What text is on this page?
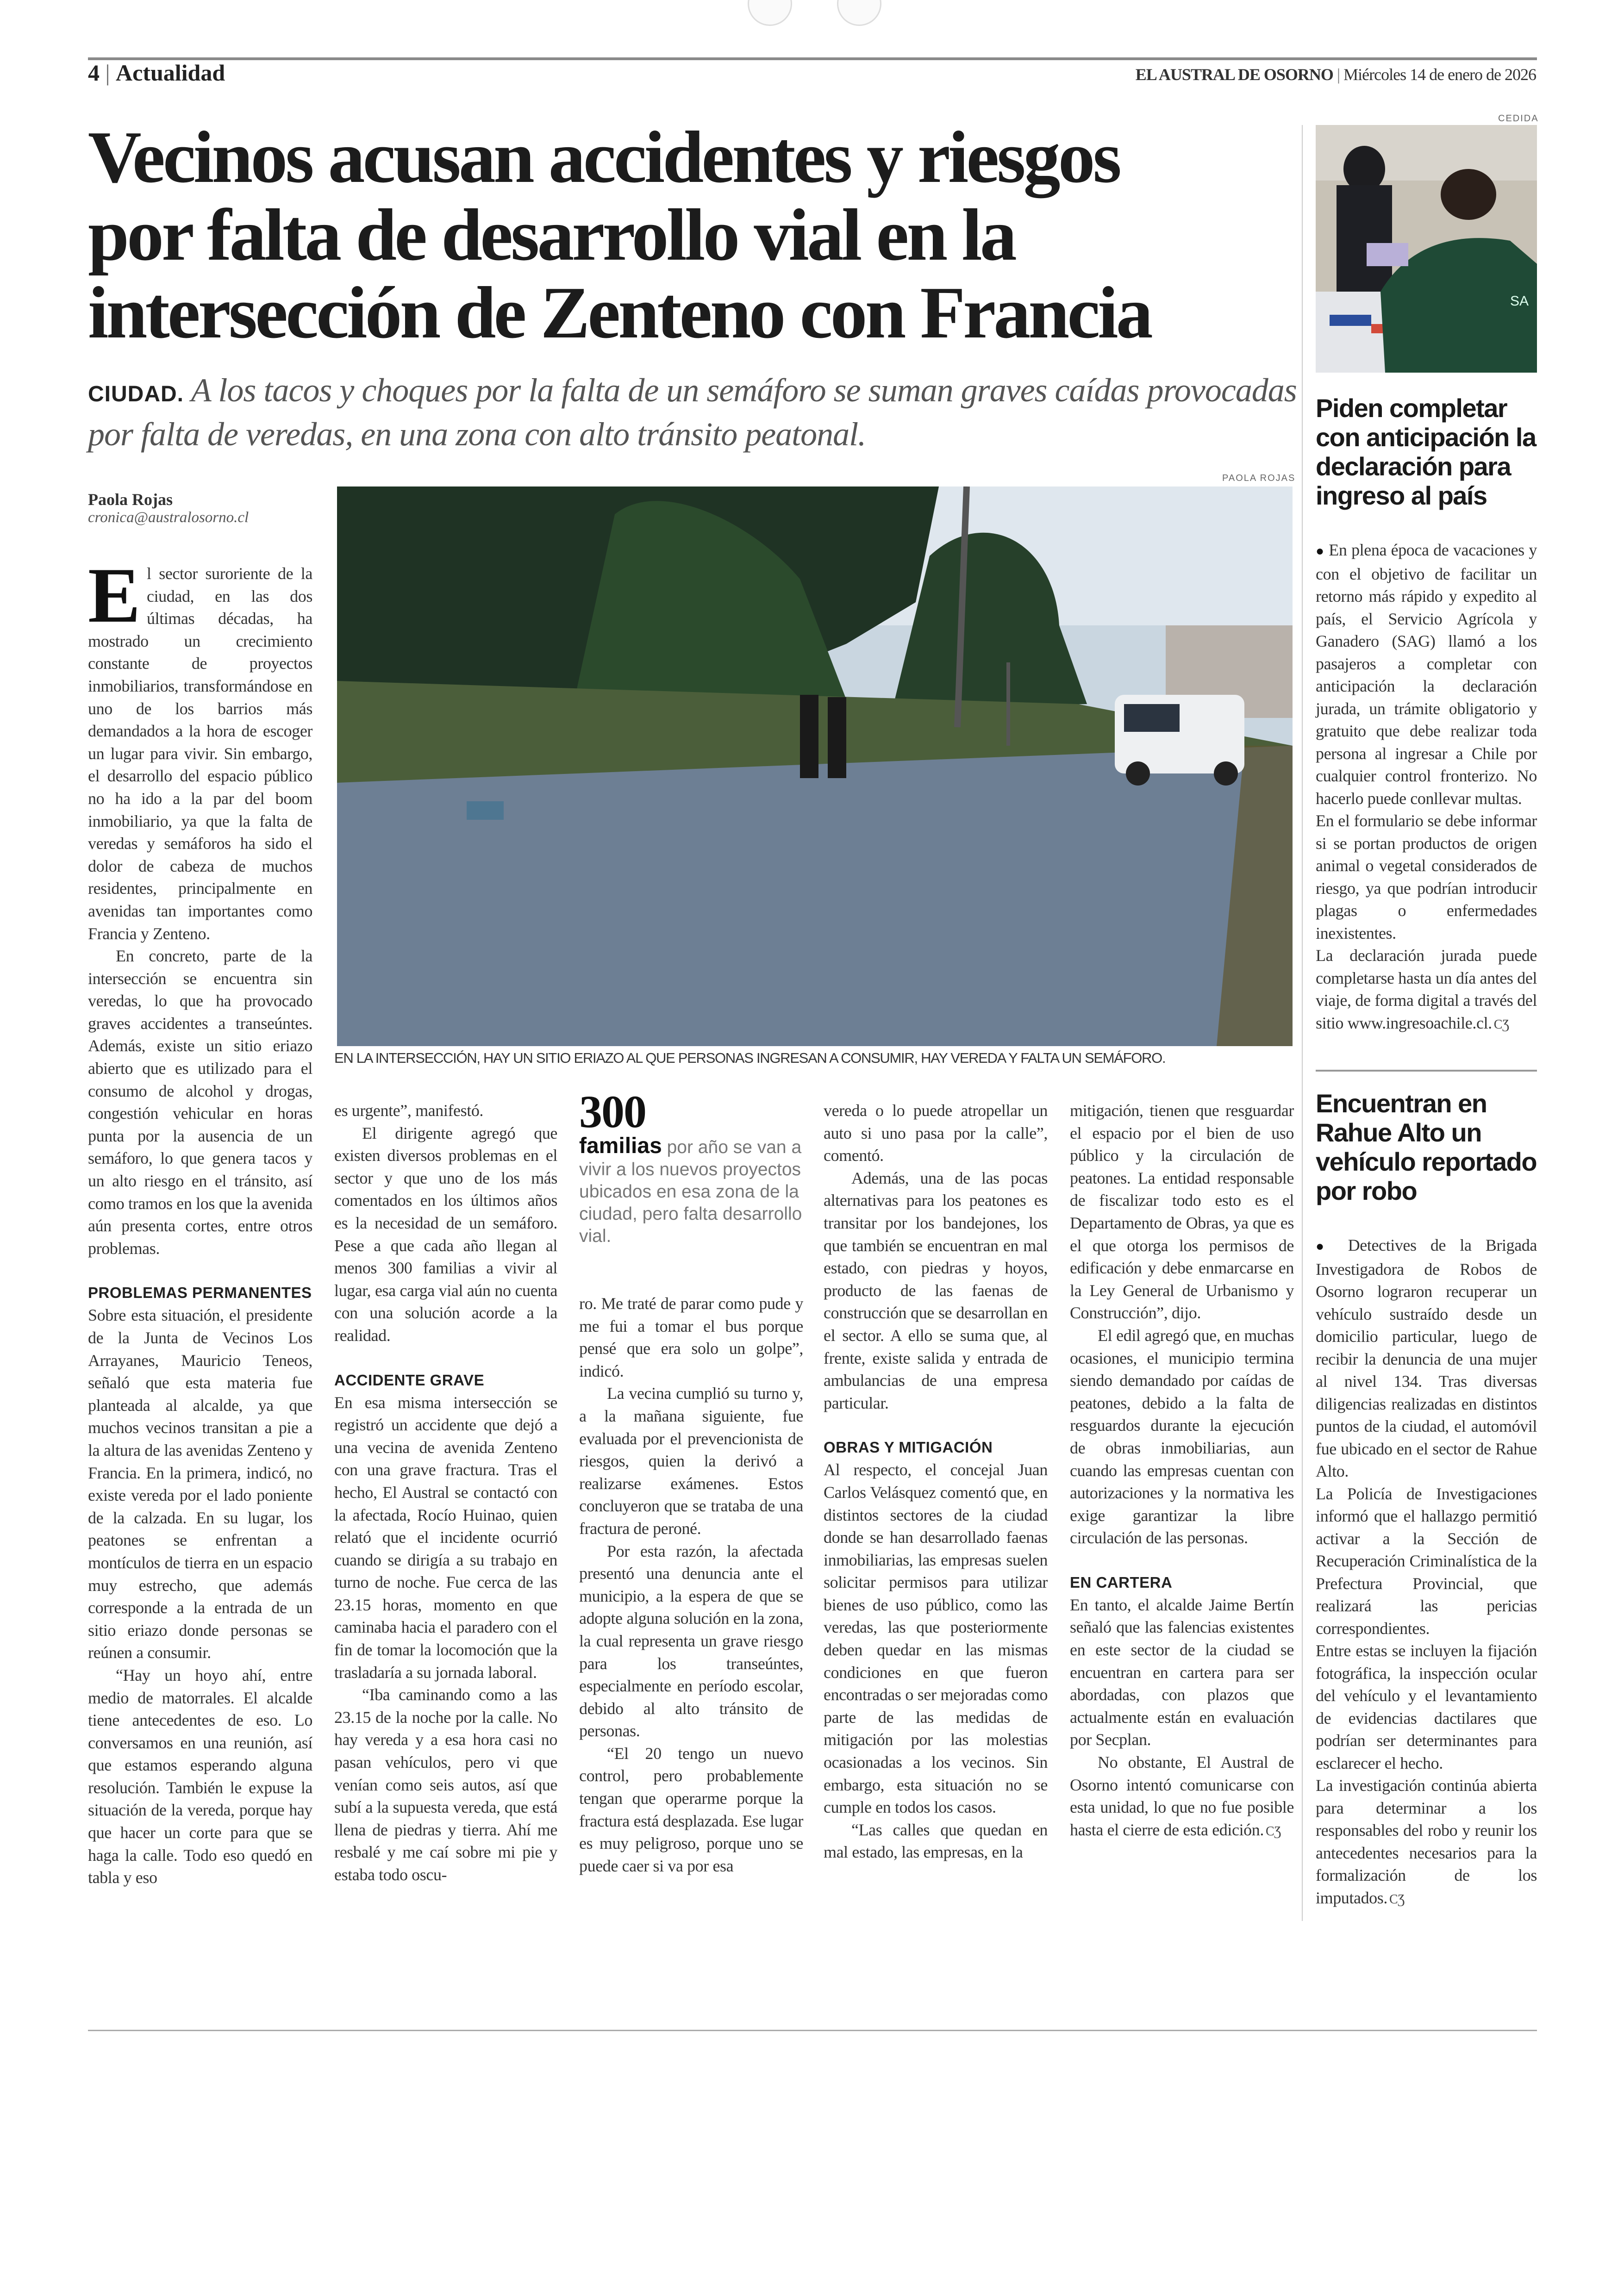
4 | Actualidad	EL AUSTRAL DE OSORNO | Miércoles 14 de enero de 2026
Vecinos acusan accidentes y riesgos
por falta de desarrollo vial en la
intersección de Zenteno con Francia
CIUDAD. A los tacos y choques por la falta de un semáforo se suman graves caídas provocadas por falta de veredas, en una zona con alto tránsito peatonal.
Paola Rojas
cronica@australosorno.cl
PAOLA ROJAS
EN LA INTERSECCIÓN, HAY UN SITIO ERIAZO AL QUE PERSONAS INGRESAN A CONSUMIR, HAY VEREDA Y FALTA UN SEMÁFORO.

El sector suroriente de la ciudad, en las dos últimas décadas, ha mostrado un crecimiento constante de proyectos inmobiliarios, transformándose en uno de los barrios más demandados a la hora de escoger un lugar para vivir. Sin embargo, el desarrollo del espacio público no ha ido a la par del boom inmobiliario, ya que la falta de veredas y semáforos ha sido el dolor de cabeza de muchos residentes, principalmente en avenidas tan importantes como Francia y Zenteno.

En concreto, parte de la intersección se encuentra sin veredas, lo que ha provocado graves accidentes a transeúntes. Además, existe un sitio eriazo abierto que es utilizado para el consumo de alcohol y drogas, congestión vehicular en horas punta por la ausencia de un semáforo, lo que genera tacos y un alto riesgo en el tránsito, así como tramos en los que la avenida aún presenta cortes, entre otros problemas.

PROBLEMAS PERMANENTES

Sobre esta situación, el presidente de la Junta de Vecinos Los Arrayanes, Mauricio Teneos, señaló que esta materia fue planteada al alcalde, ya que muchos vecinos transitan a pie a la altura de las avenidas Zenteno y Francia. En la primera, indicó, no existe vereda por el lado poniente de la calzada. En su lugar, los peatones se enfrentan a montículos de tierra en un espacio muy estrecho, que además corresponde a la entrada de un sitio eriazo donde personas se reúnen a consumir.

“Hay un hoyo ahí, entre medio de matorrales. El alcalde tiene antecedentes de eso. Lo conversamos en una reunión, así que estamos esperando alguna resolución. También le expuse la situación de la vereda, porque hay que hacer un corte para que se haga la calle. Todo eso quedó en tabla y eso

es urgente”, manifestó.

El dirigente agregó que existen diversos problemas en el sector y que uno de los más comentados en los últimos años es la necesidad de un semáforo. Pese a que cada año llegan al menos 300 familias a vivir al lugar, esa carga vial aún no cuenta con una solución acorde a la realidad.

ACCIDENTE GRAVE

En esa misma intersección se registró un accidente que dejó a una vecina de avenida Zenteno con una grave fractura. Tras el hecho, El Austral se contactó con la afectada, Rocío Huinao, quien relató que el incidente ocurrió cuando se dirigía a su trabajo en turno de noche. Fue cerca de las 23.15 horas, momento en que caminaba hacia el paradero con el fin de tomar la locomoción que la trasladaría a su jornada laboral.

“Iba caminando como a las 23.15 de la noche por la calle. No hay vereda y a esa hora casi no pasan vehículos, pero vi que venían como seis autos, así que subí a la supuesta vereda, que está llena de piedras y tierra. Ahí me resbalé y me caí sobre mi pie y estaba todo oscu-

300
familias por año se van a vivir a los nuevos proyectos ubicados en esa zona de la ciudad, pero falta desarrollo vial.

ro. Me traté de parar como pude y me fui a tomar el bus porque pensé que era solo un golpe”, indicó.

La vecina cumplió su turno y, a la mañana siguiente, fue evaluada por el prevencionista de riesgos, quien la derivó a realizarse exámenes. Estos concluyeron que se trataba de una fractura de peroné.

Por esta razón, la afectada presentó una denuncia ante el municipio, a la espera de que se adopte alguna solución en la zona, la cual representa un grave riesgo para los transeúntes, especialmente en período escolar, debido al alto tránsito de personas.

“El 20 tengo un nuevo control, pero probablemente tengan que operarme porque la fractura está desplazada. Ese lugar es muy peligroso, porque uno se puede caer si va por esa

vereda o lo puede atropellar un auto si uno pasa por la calle”, comentó.

Además, una de las pocas alternativas para los peatones es transitar por los bandejones, los que también se encuentran en mal estado, con piedras y hoyos, producto de las faenas de construcción que se desarrollan en el sector. A ello se suma que, al frente, existe salida y entrada de ambulancias de una empresa particular.

OBRAS Y MITIGACIÓN

Al respecto, el concejal Juan Carlos Velásquez comentó que, en distintos sectores de la ciudad donde se han desarrollado faenas inmobiliarias, las empresas suelen solicitar permisos para utilizar bienes de uso público, como las veredas, las que posteriormente deben quedar en las mismas condiciones en que fueron encontradas o ser mejoradas como parte de las medidas de mitigación por las molestias ocasionadas a los vecinos. Sin embargo, esta situación no se cumple en todos los casos.

“Las calles que quedan en mal estado, las empresas, en la

mitigación, tienen que resguardar el espacio por el bien de uso público y la circulación de peatones. La entidad responsable de fiscalizar todo esto es el Departamento de Obras, ya que es el que otorga los permisos de edificación y debe enmarcarse en la Ley General de Urbanismo y Construcción”, dijo.

El edil agregó que, en muchas ocasiones, el municipio termina siendo demandado por caídas de peatones, debido a la falta de resguardos durante la ejecución de obras inmobiliarias, aun cuando las empresas cuentan con autorizaciones y la normativa les exige garantizar la libre circulación de las personas.

EN CARTERA

En tanto, el alcalde Jaime Bertín señaló que las falencias existentes en este sector de la ciudad se encuentran en cartera para ser abordadas, con plazos que actualmente están en evaluación por Secplan.

No obstante, El Austral de Osorno intentó comunicarse con esta unidad, lo que no fue posible hasta el cierre de esta edición. CƷ

CEDIDA
SA
Piden completar con anticipación la declaración para ingreso al país

● En plena época de vacaciones y con el objetivo de facilitar un retorno más rápido y expedito al país, el Servicio Agrícola y Ganadero (SAG) llamó a los pasajeros a completar con anticipación la declaración jurada, un trámite obligatorio y gratuito que debe realizar toda persona al ingresar a Chile por cualquier control fronterizo. No hacerlo puede conllevar multas.

En el formulario se debe informar si se portan productos de origen animal o vegetal considerados de riesgo, ya que podrían introducir plagas o enfermedades inexistentes.

La declaración jurada puede completarse hasta un día antes del viaje, de forma digital a través del sitio www.ingresoachile.cl. CƷ

Encuentran en Rahue Alto un vehículo reportado por robo

● Detectives de la Brigada Investigadora de Robos de Osorno lograron recuperar un vehículo sustraído desde un domicilio particular, luego de recibir la denuncia de una mujer al nivel 134. Tras diversas diligencias realizadas en distintos puntos de la ciudad, el automóvil fue ubicado en el sector de Rahue Alto.

La Policía de Investigaciones informó que el hallazgo permitió activar a la Sección de Recuperación Criminalística de la Prefectura Provincial, que realizará las pericias correspondientes.

Entre estas se incluyen la fijación fotográfica, la inspección ocular del vehículo y el levantamiento de evidencias dactilares que podrían ser determinantes para esclarecer el hecho.

La investigación continúa abierta para determinar a los responsables del robo y reunir los antecedentes necesarios para la formalización de los imputados. CƷ
